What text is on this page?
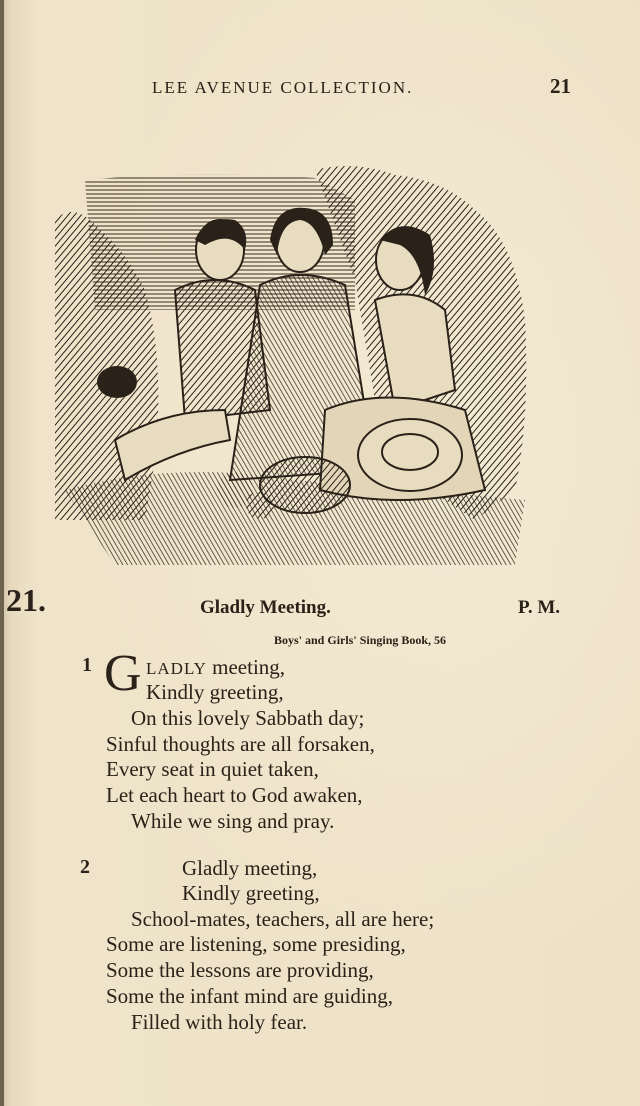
LEE AVENUE COLLECTION.	21
21.	Gladly Meeting.	P. M.
Boys' and Girls' Singing Book, 56
1 G LADLY meeting,
Kindly greeting,
On this lovely Sabbath day;
Sinful thoughts are all forsaken,
Every seat in quiet taken,
Let each heart to God awaken,
While we sing and pray.
2	Gladly meeting,
Kindly greeting,
School-mates, teachers, all are here;
Some are listening, some presiding,
Some the lessons are providing,
Some the infant mind are guiding,
Filled with holy fear.
